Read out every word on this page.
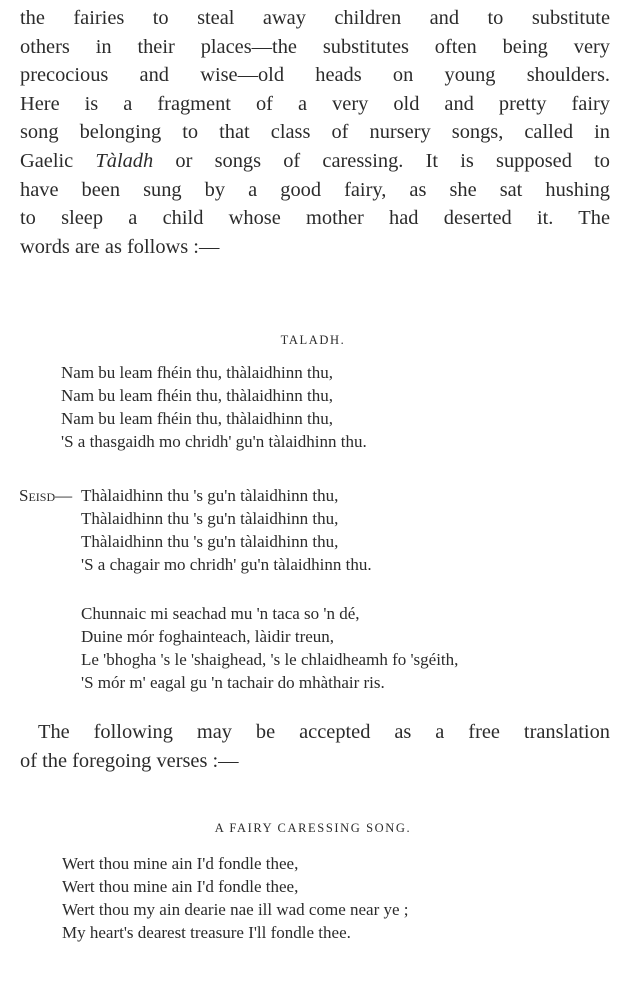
the fairies to steal away children and to substitute
others in their places—the substitutes often being very
precocious and wise—old heads on young shoulders.
Here is a fragment of a very old and pretty fairy
song belonging to that class of nursery songs, called in
Gaelic Tàladh or songs of caressing. It is supposed to
have been sung by a good fairy, as she sat hushing
to sleep a child whose mother had deserted it. The
words are as follows :—
TALADH.
Nam bu leam fhéin thu, thàlaidhinn thu,
Nam bu leam fhéin thu, thàlaidhinn thu,
Nam bu leam fhéin thu, thàlaidhinn thu,
'S a thasgaidh mo chridh' gu'n tàlaidhinn thu.
Seisd— Thàlaidhinn thu 's gu'n tàlaidhinn thu,
Thàlaidhinn thu 's gu'n tàlaidhinn thu,
Thàlaidhinn thu 's gu'n tàlaidhinn thu,
'S a chagair mo chridh' gu'n tàlaidhinn thu.
Chunnaic mi seachad mu 'n taca so 'n dé,
Duine mór foghainteach, làidir treun,
Le 'bhogha 's le 'shaighead, 's le chlaidheamh fo 'sgéith,
'S mór m' eagal gu 'n tachair do mhàthair ris.
The following may be accepted as a free translation
of the foregoing verses :—
A FAIRY CARESSING SONG.
Wert thou mine ain I'd fondle thee,
Wert thou mine ain I'd fondle thee,
Wert thou my ain dearie nae ill wad come near ye ;
My heart's dearest treasure I'll fondle thee.
